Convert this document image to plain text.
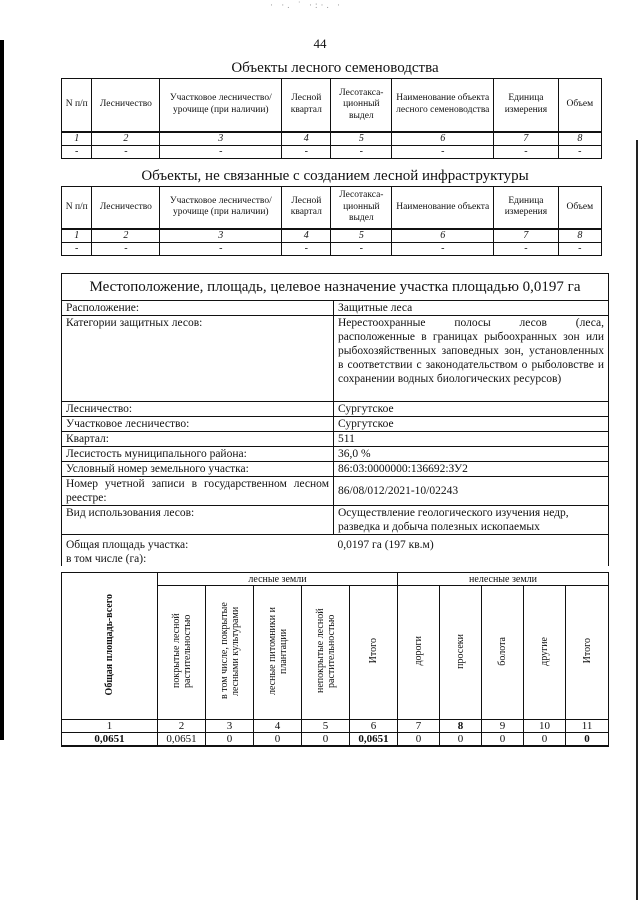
· ·. ˙ ·:·. ·
44
Объекты лесного семеноводства
N п/п	Лесничество	Участковое лесничество/урочище (при наличии)	Лесной квартал	Лесотакса-ционный выдел	Наименование объекта лесного семеноводства	Единица измерения	Объем
1	2	3	4	5	6	7	8
-	-	-	-	-	-	-	-
Объекты, не связанные с созданием лесной инфраструктуры
N п/п	Лесничество	Участковое лесничество/урочище (при наличии)	Лесной квартал	Лесотакса-ционный выдел	Наименование объекта	Единица измерения	Объем
1	2	3	4	5	6	7	8
-	-	-	-	-	-	-	-
Местоположение, площадь, целевое назначение участка площадью 0,0197 га	
Расположение:	Защитные леса
Категории защитных лесов:	Нерестоохранные полосы лесов (леса, расположенные в границах рыбоохранных зон или рыбохозяйственных заповедных зон, установленных в соответствии с законодательством о рыболовстве и сохранении водных биологических ресурсов)
Лесничество:	Сургутское
Участковое лесничество:	Сургутское
Квартал:	511
Лесистость муниципального района:	36,0 %
Условный номер земельного участка:	86:03:0000000:136692:ЗУ2
Номер учетной записи в государственном лесном реестре:	86/08/012/2021-10/02243
Вид использования лесов:	Осуществление геологического изучения недр, разведка и добыча полезных ископаемых
Общая площадь участка:	0,0197 га (197 кв.м)
в том числе (га):	
Общая площадь-всего	лесные земли					нелесные земли				
	покрытые лесной растительностью	в том числе, покрытые лесными культурами	лесные питомники и плантации	непокрытые лесной растительностью	Итого	дороги	просеки	болота	другие	Итого
1	2	3	4	5	6	7	8	9	10	11
0,0651	0,0651	0	0	0	0,0651	0	0	0	0	0
